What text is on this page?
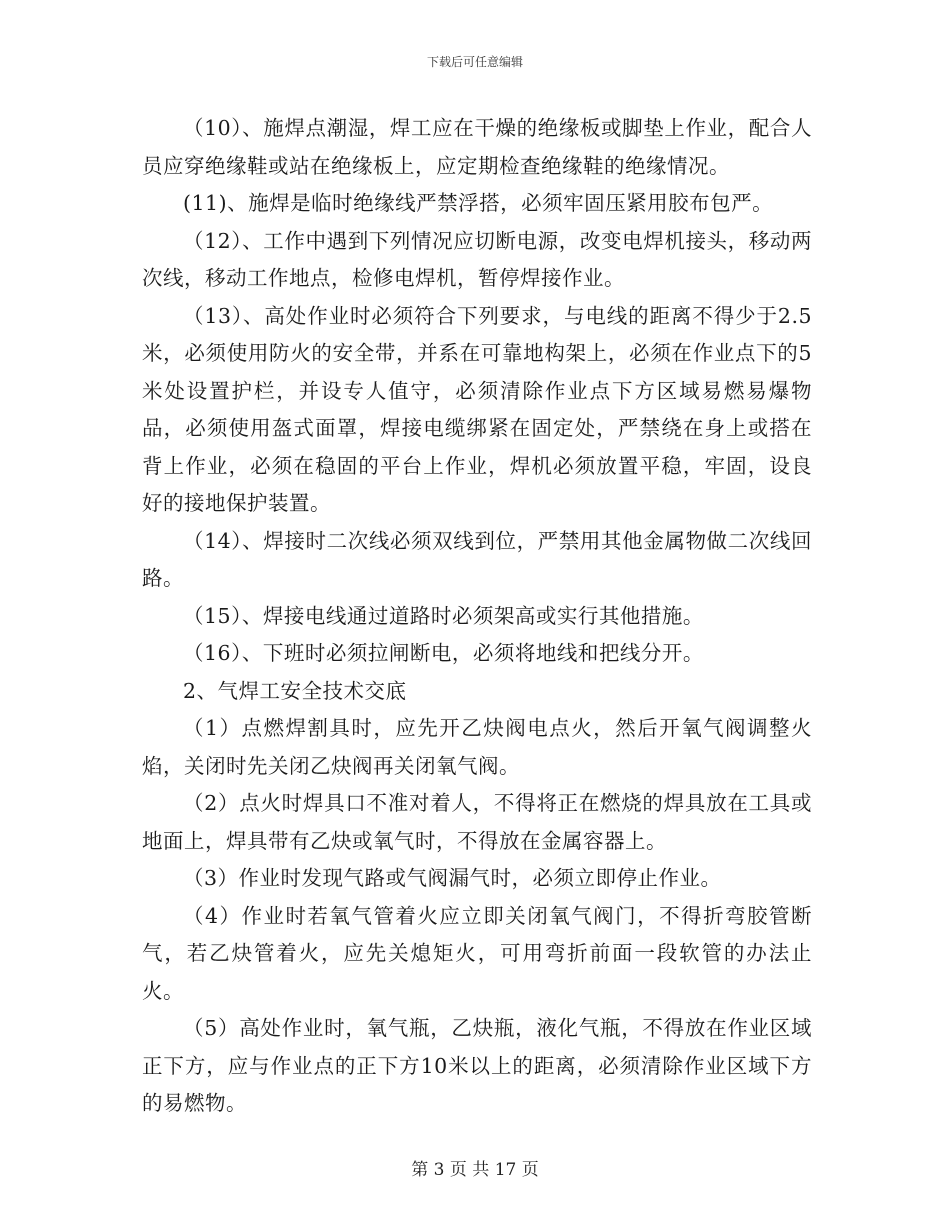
下载后可任意编辑

（10）、施焊点潮湿，焊工应在干燥的绝缘板或脚垫上作业，配合人员应穿绝缘鞋或站在绝缘板上，应定期检查绝缘鞋的绝缘情况。

(11)、施焊是临时绝缘线严禁浮搭，必须牢固压紧用胶布包严。

（12）、工作中遇到下列情况应切断电源，改变电焊机接头，移动两次线，移动工作地点，检修电焊机，暂停焊接作业。

（13）、高处作业时必须符合下列要求，与电线的距离不得少于2.5米，必须使用防火的安全带，并系在可靠地构架上，必须在作业点下的5米处设置护栏，并设专人值守，必须清除作业点下方区域易燃易爆物品，必须使用盔式面罩，焊接电缆绑紧在固定处，严禁绕在身上或搭在背上作业，必须在稳固的平台上作业，焊机必须放置平稳，牢固，设良好的接地保护装置。

（14）、焊接时二次线必须双线到位，严禁用其他金属物做二次线回路。

（15）、焊接电线通过道路时必须架高或实行其他措施。

（16）、下班时必须拉闸断电，必须将地线和把线分开。

2、气焊工安全技术交底

（1）点燃焊割具时，应先开乙炔阀电点火，然后开氧气阀调整火焰，关闭时先关闭乙炔阀再关闭氧气阀。

（2）点火时焊具口不准对着人，不得将正在燃烧的焊具放在工具或地面上，焊具带有乙炔或氧气时，不得放在金属容器上。

（3）作业时发现气路或气阀漏气时，必须立即停止作业。

（4）作业时若氧气管着火应立即关闭氧气阀门，不得折弯胶管断气，若乙炔管着火，应先关熄矩火，可用弯折前面一段软管的办法止火。

（5）高处作业时，氧气瓶，乙炔瓶，液化气瓶，不得放在作业区域正下方，应与作业点的正下方10米以上的距离，必须清除作业区域下方的易燃物。

第 3 页 共 17 页
